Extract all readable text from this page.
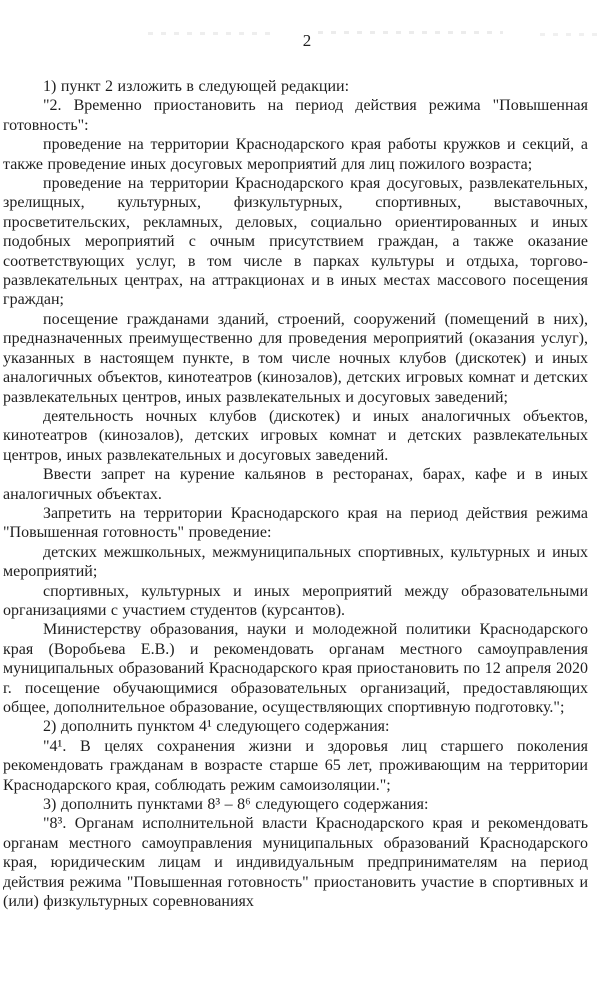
2

1) пункт 2 изложить в следующей редакции:

"2. Временно приостановить на период действия режима "Повышенная готовность":

проведение на территории Краснодарского края работы кружков и секций, а также проведение иных досуговых мероприятий для лиц пожилого возраста;

проведение на территории Краснодарского края досуговых, развлекательных, зрелищных, культурных, физкультурных, спортивных, выставочных, просветительских, рекламных, деловых, социально ориентированных и иных подобных мероприятий с очным присутствием граждан, а также оказание соответствующих услуг, в том числе в парках культуры и отдыха, торгово-развлекательных центрах, на аттракционах и в иных местах массового посещения граждан;

посещение гражданами зданий, строений, сооружений (помещений в них), предназначенных преимущественно для проведения мероприятий (оказания услуг), указанных в настоящем пункте, в том числе ночных клубов (дискотек) и иных аналогичных объектов, кинотеатров (кинозалов), детских игровых комнат и детских развлекательных центров, иных развлекательных и досуговых заведений;

деятельность ночных клубов (дискотек) и иных аналогичных объектов, кинотеатров (кинозалов), детских игровых комнат и детских развлекательных центров, иных развлекательных и досуговых заведений.

Ввести запрет на курение кальянов в ресторанах, барах, кафе и в иных аналогичных объектах.

Запретить на территории Краснодарского края на период действия режима "Повышенная готовность" проведение:

детских межшкольных, межмуниципальных спортивных, культурных и иных мероприятий;

спортивных, культурных и иных мероприятий между образовательными организациями с участием студентов (курсантов).

Министерству образования, науки и молодежной политики Краснодарского края (Воробьева Е.В.) и рекомендовать органам местного самоуправления муниципальных образований Краснодарского края приостановить по 12 апреля 2020 г. посещение обучающимися образовательных организаций, предоставляющих общее, дополнительное образование, осуществляющих спортивную подготовку.";

2) дополнить пунктом 4¹ следующего содержания:

"4¹. В целях сохранения жизни и здоровья лиц старшего поколения рекомендовать гражданам в возрасте старше 65 лет, проживающим на территории Краснодарского края, соблюдать режим самоизоляции.";

3) дополнить пунктами 8³ – 8⁶ следующего содержания:

"8³. Органам исполнительной власти Краснодарского края и рекомендовать органам местного самоуправления муниципальных образований Краснодарского края, юридическим лицам и индивидуальным предпринимателям на период действия режима "Повышенная готовность" приостановить участие в спортивных и (или) физкультурных соревнованиях
